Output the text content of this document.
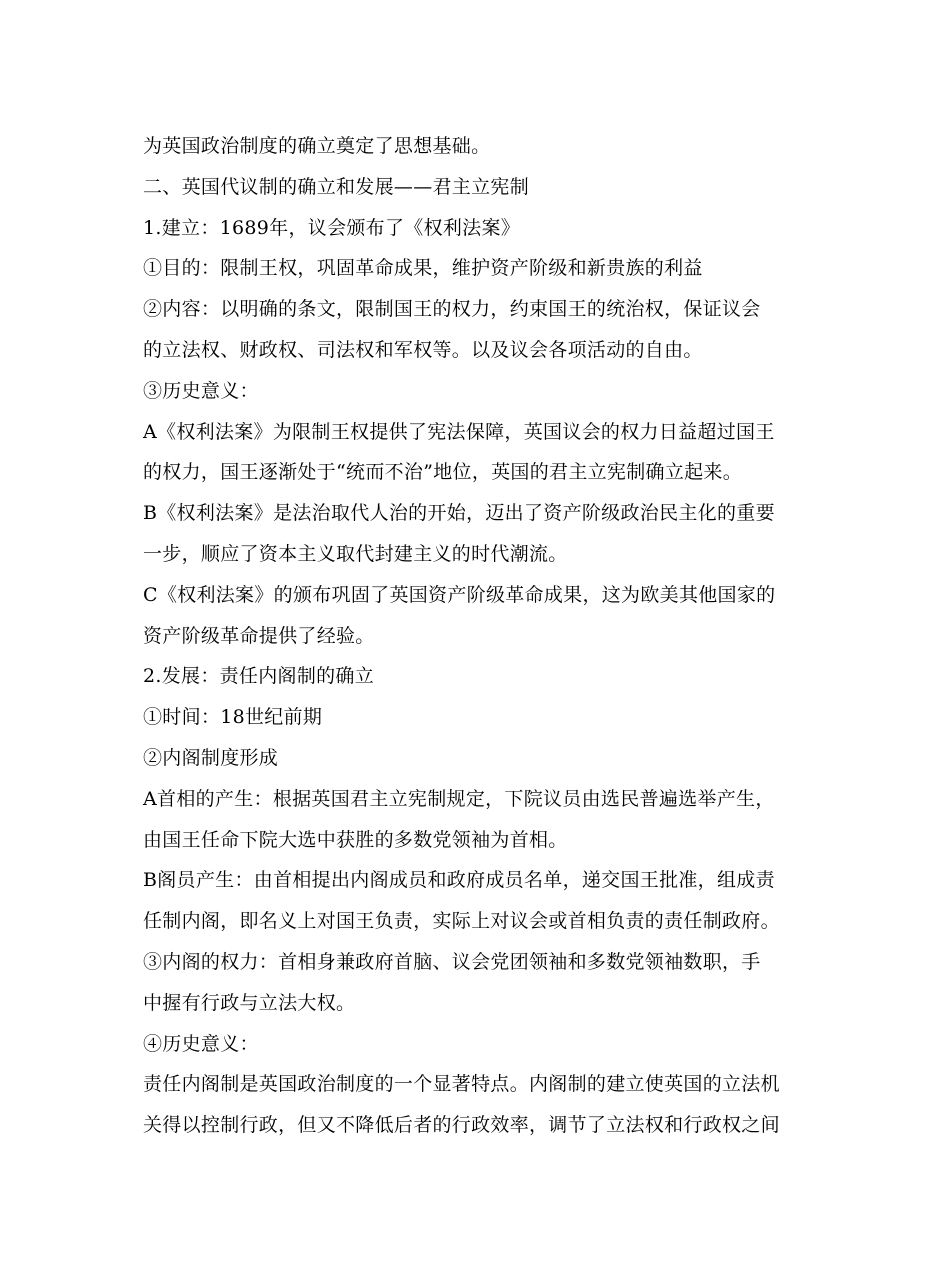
为英国政治制度的确立奠定了思想基础。
二、英国代议制的确立和发展——君主立宪制
1.建立：1689年，议会颁布了《权利法案》
①目的：限制王权，巩固革命成果，维护资产阶级和新贵族的利益
②内容：以明确的条文，限制国王的权力，约束国王的统治权，保证议会
的立法权、财政权、司法权和军权等。以及议会各项活动的自由。
③历史意义：
A《权利法案》为限制王权提供了宪法保障，英国议会的权力日益超过国王
的权力，国王逐渐处于“统而不治”地位，英国的君主立宪制确立起来。
B《权利法案》是法治取代人治的开始，迈出了资产阶级政治民主化的重要
一步，顺应了资本主义取代封建主义的时代潮流。
C《权利法案》的颁布巩固了英国资产阶级革命成果，这为欧美其他国家的
资产阶级革命提供了经验。
2.发展：责任内阁制的确立
①时间：18世纪前期
②内阁制度形成
A首相的产生：根据英国君主立宪制规定，下院议员由选民普遍选举产生，
由国王任命下院大选中获胜的多数党领袖为首相。
B阁员产生：由首相提出内阁成员和政府成员名单，递交国王批准，组成责
任制内阁，即名义上对国王负责，实际上对议会或首相负责的责任制政府。
③内阁的权力：首相身兼政府首脑、议会党团领袖和多数党领袖数职，手
中握有行政与立法大权。
④历史意义：
责任内阁制是英国政治制度的一个显著特点。内阁制的建立使英国的立法机
关得以控制行政，但又不降低后者的行政效率，调节了立法权和行政权之间
